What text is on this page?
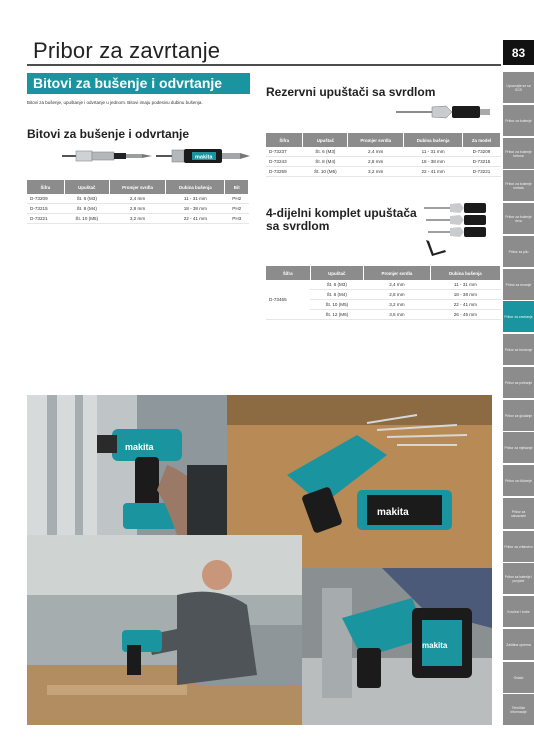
Pribor za zavrtanje	83
Upoznajte se sa SGS
Pribor za bušenje
Pribor za bušenje betona
Pribor za bušenje metala
Pribor za bušenje drva
Pribor za pilu
Pribor za rezanje
Pribor za zavrtanje
Pribor za brušenje
Pribor za poliranje
Pribor za glodanje
Pribor za mješanje
Pribor za čišćenje
Pribor za usisavače
Pribor za vrtlarstvo
Pribor za baterije i punjače
Kovčezi i torbe
Zaštitna oprema
Ostalo
Tehničke informacije
Bitovi za bušenje i odvrtanje
Bitovi za bušenje, upuštanje i odvrtanje u jednom. Bitovi imaju podesivu dubinu bušenja.
Bitovi za bušenje i odvrtanje
makita
Šifra	Upuštač	Promjer svrdla	Dubina bušenja	Bit
D-73209	Št. 6 (M3)	2,4 mm	11 - 31 mm	PH2
D-73215	Št. 8 (M4)	2,8 mm	18 - 38 mm	PH2
D-73221	Št. 10 (M5)	3,2 mm	22 - 41 mm	PH3
Rezervni upuštači sa svrdlom
Šifra	Upuštač	Promjer svrdla	Dubina bušenja	Za model
D-73237	Št. 6 (M3)	2,4 mm	11 - 31 mm	D-73209
D-73243	Št. 8 (M4)	2,8 mm	18 - 38 mm	D-73215
D-73259	Št. 10 (M5)	3,2 mm	22 - 41 mm	D-73221
4-dijelni komplet upuštača sa svrdlom
Šifra	Upuštač	Promjer svrdla	Dubina bušenja
D-73465	Št. 6 (M3)	2,4 mm	11 - 31 mm
	Št. 8 (M4)	2,8 mm	18 - 38 mm
	Št. 10 (M5)	3,2 mm	22 - 41 mm
	Št. 12 (M6)	3,6 mm	26 - 45 mm
makita
makita
makita
